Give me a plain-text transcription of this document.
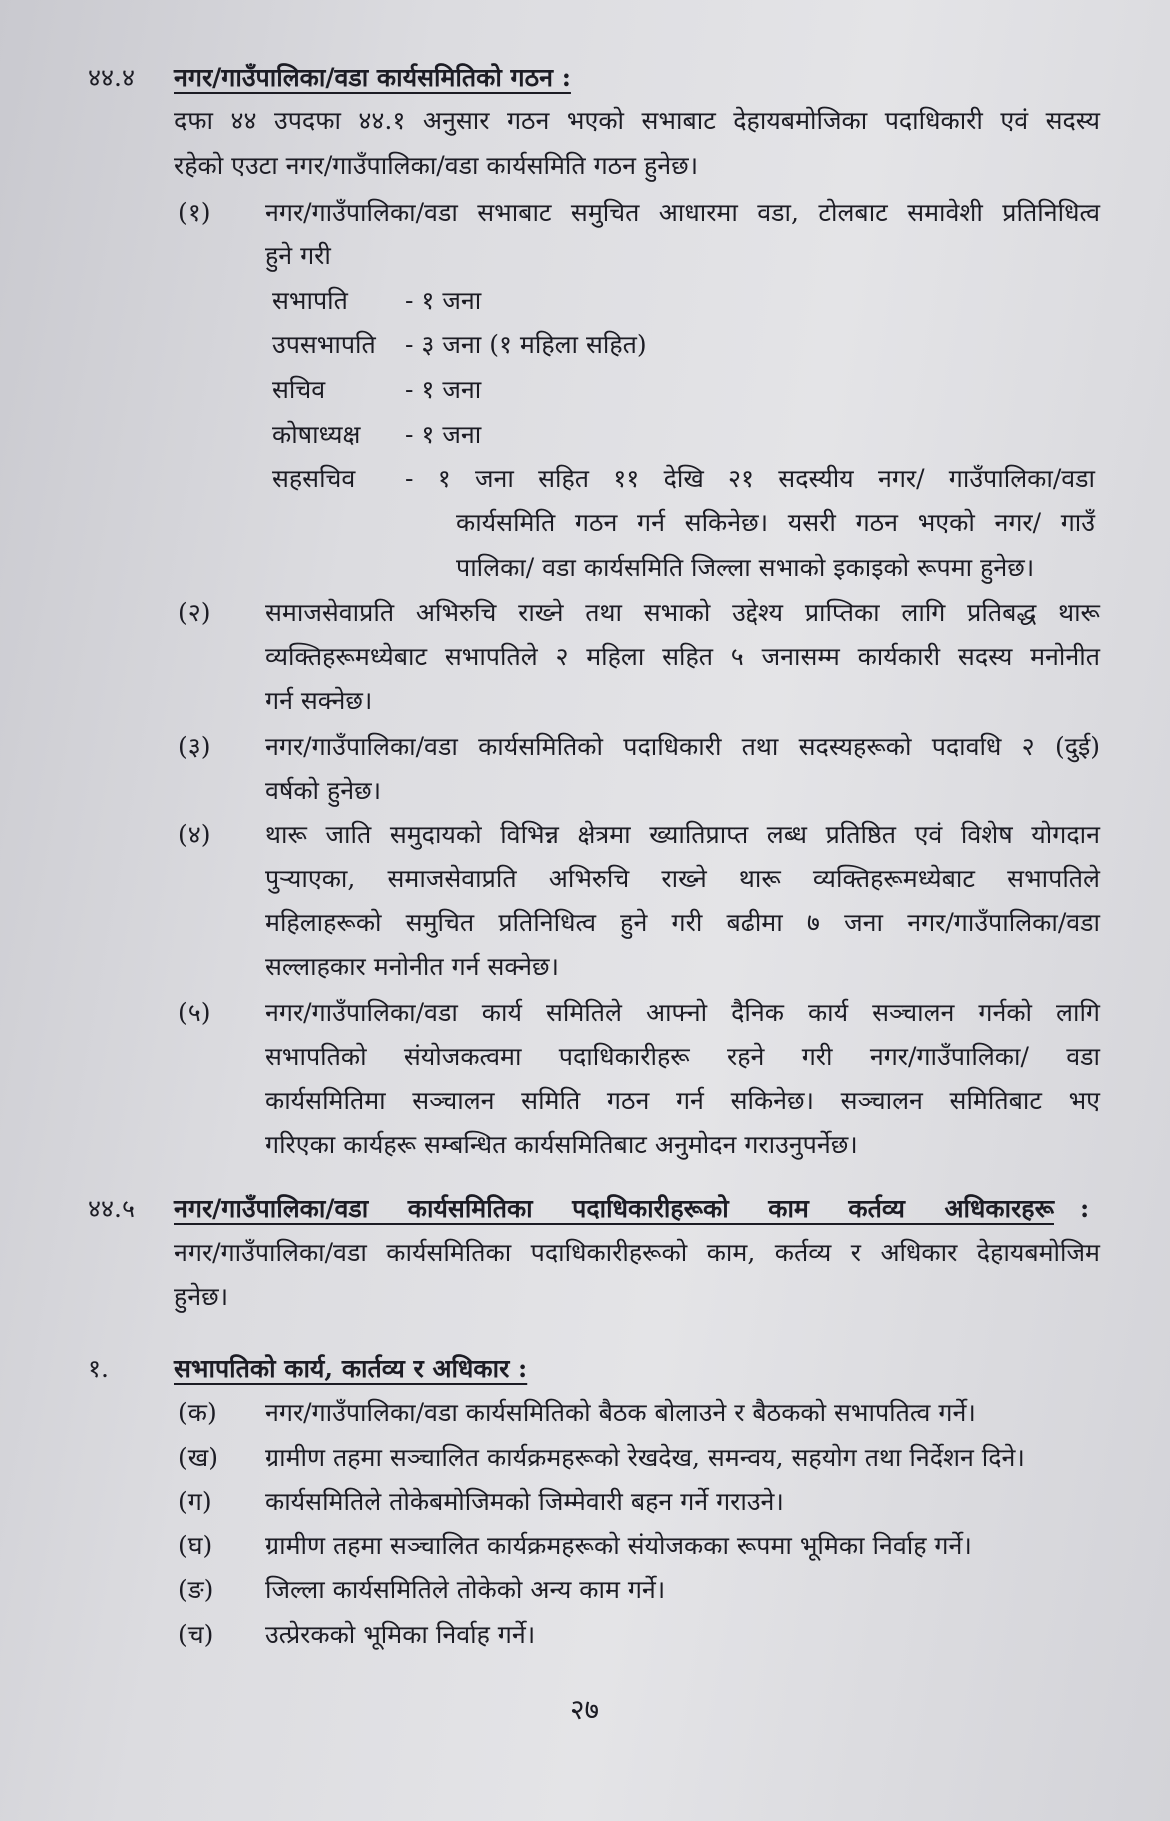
४४.४ नगर/गाउँपालिका/वडा कार्यसमितिको गठन :
दफा ४४ उपदफा ४४.१ अनुसार गठन भएको सभाबाट देहायबमोजिका पदाधिकारी एवं सदस्य
रहेको एउटा नगर/गाउँपालिका/वडा कार्यसमिति गठन हुनेछ।
(१) नगर/गाउँपालिका/वडा सभाबाट समुचित आधारमा वडा, टोलबाट समावेशी प्रतिनिधित्व
हुने गरी
सभापति - १ जना
उपसभापति - ३ जना (१ महिला सहित)
सचिव	- १ जना
कोषाध्यक्ष - १ जना
सहसचिव - १ जना सहित ११ देखि २१ सदस्यीय नगर/ गाउँपालिका/वडा
कार्यसमिति गठन गर्न सकिनेछ। यसरी गठन भएको नगर/ गाउँ
पालिका/ वडा कार्यसमिति जिल्ला सभाको इकाइको रूपमा हुनेछ।
(२) समाजसेवाप्रति अभिरुचि राख्ने तथा सभाको उद्देश्य प्राप्तिका लागि प्रतिबद्ध थारू
व्यक्तिहरूमध्येबाट सभापतिले २ महिला सहित ५ जनासम्म कार्यकारी सदस्य मनोनीत
गर्न सक्नेछ।
(३) नगर/गाउँपालिका/वडा कार्यसमितिको पदाधिकारी तथा सदस्यहरूको पदावधि २ (दुई)
वर्षको हुनेछ।
(४) थारू जाति समुदायको विभिन्न क्षेत्रमा ख्यातिप्राप्त लब्ध प्रतिष्ठित एवं विशेष योगदान
पुऱ्याएका, समाजसेवाप्रति अभिरुचि राख्ने थारू व्यक्तिहरूमध्येबाट सभापतिले
महिलाहरूको समुचित प्रतिनिधित्व हुने गरी बढीमा ७ जना नगर/गाउँपालिका/वडा
सल्लाहकार मनोनीत गर्न सक्नेछ।
(५) नगर/गाउँपालिका/वडा कार्य समितिले आफ्नो दैनिक कार्य सञ्चालन गर्नको लागि
सभापतिको संयोजकत्वमा पदाधिकारीहरू रहने गरी नगर/गाउँपालिका/ वडा
कार्यसमितिमा सञ्चालन समिति गठन गर्न सकिनेछ। सञ्चालन समितिबाट भए
गरिएका कार्यहरू सम्बन्धित कार्यसमितिबाट अनुमोदन गराउनुपर्नेछ।
४४.५ नगर/गाउँपालिका/वडा कार्यसमितिका पदाधिकारीहरूको काम कर्तव्य अधिकारहरू :
नगर/गाउँपालिका/वडा कार्यसमितिका पदाधिकारीहरूको काम, कर्तव्य र अधिकार देहायबमोजिम
हुनेछ।
१.	सभापतिको कार्य, कार्तव्य र अधिकार :
(क) नगर/गाउँपालिका/वडा कार्यसमितिको बैठक बोलाउने र बैठकको सभापतित्व गर्ने।
(ख) ग्रामीण तहमा सञ्चालित कार्यक्रमहरूको रेखदेख, समन्वय, सहयोग तथा निर्देशन दिने।
(ग) कार्यसमितिले तोकेबमोजिमको जिम्मेवारी बहन गर्ने गराउने।
(घ) ग्रामीण तहमा सञ्चालित कार्यक्रमहरूको संयोजकका रूपमा भूमिका निर्वाह गर्ने।
(ङ) जिल्ला कार्यसमितिले तोकेको अन्य काम गर्ने।
(च) उत्प्रेरकको भूमिका निर्वाह गर्ने।
२७
